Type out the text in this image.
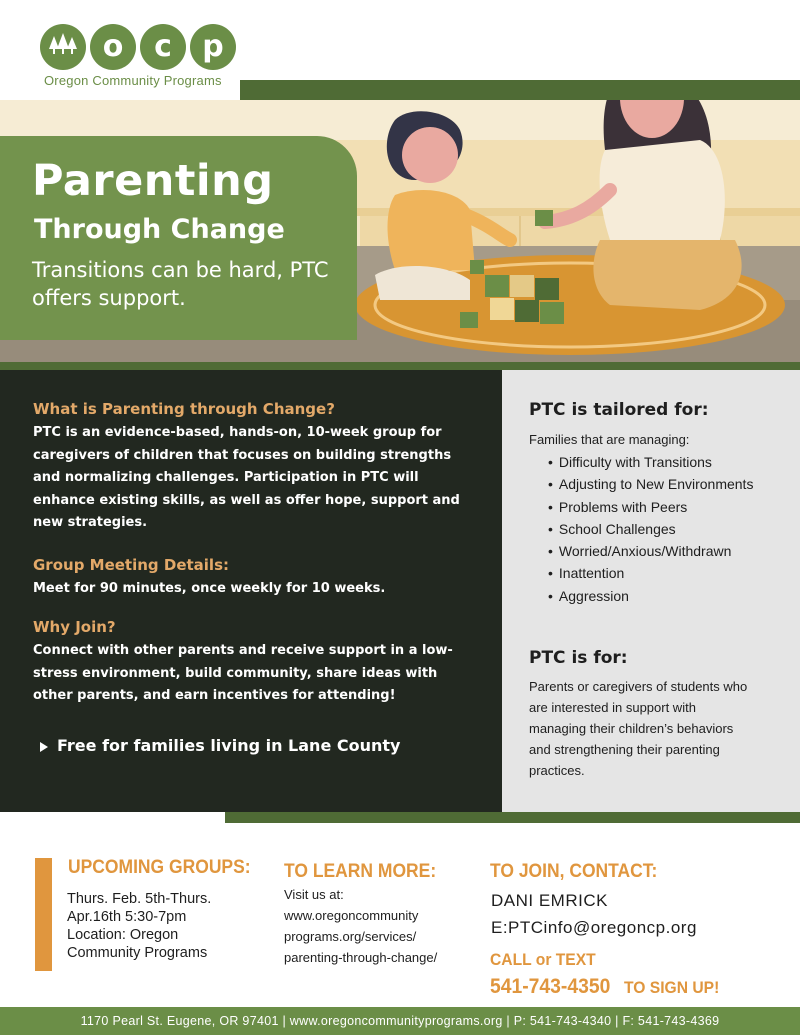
o	c	p
Oregon Community Programs
Parenting
Through Change
Transitions can be hard, PTC offers support.
What is Parenting through Change?
PTC is an evidence-based, hands-on, 10-week group for caregivers of children that focuses on building strengths and normalizing challenges. Participation in PTC will enhance existing skills, as well as offer hope, support and new strategies.
Group Meeting Details:
Meet for 90 minutes, once weekly for 10 weeks.
Why Join?
Connect with other parents and receive support in a low-stress environment, build community, share ideas with other parents, and earn incentives for attending!
Free for families living in Lane County
PTC is tailored for:
Families that are managing:
• Difficulty with Transitions
• Adjusting to New Environments
• Problems with Peers
• School Challenges
• Worried/Anxious/Withdrawn
• Inattention
• Aggression
PTC is for:
Parents or caregivers of students who are interested in support with managing their children’s behaviors and strengthening their parenting practices.
UPCOMING GROUPS:
Thurs. Feb. 5th-Thurs.
Apr.16th 5:30-7pm
Location: Oregon
Community Programs
TO LEARN MORE:
Visit us at:
www.oregoncommunity
programs.org/services/
parenting-through-change/
TO JOIN, CONTACT:
DANI EMRICK
E:PTCinfo@oregoncp.org
CALL or TEXT
541-743-4350 TO SIGN UP!
1170 Pearl St. Eugene, OR 97401 | www.oregoncommunityprograms.org | P: 541-743-4340 | F: 541-743-4369
